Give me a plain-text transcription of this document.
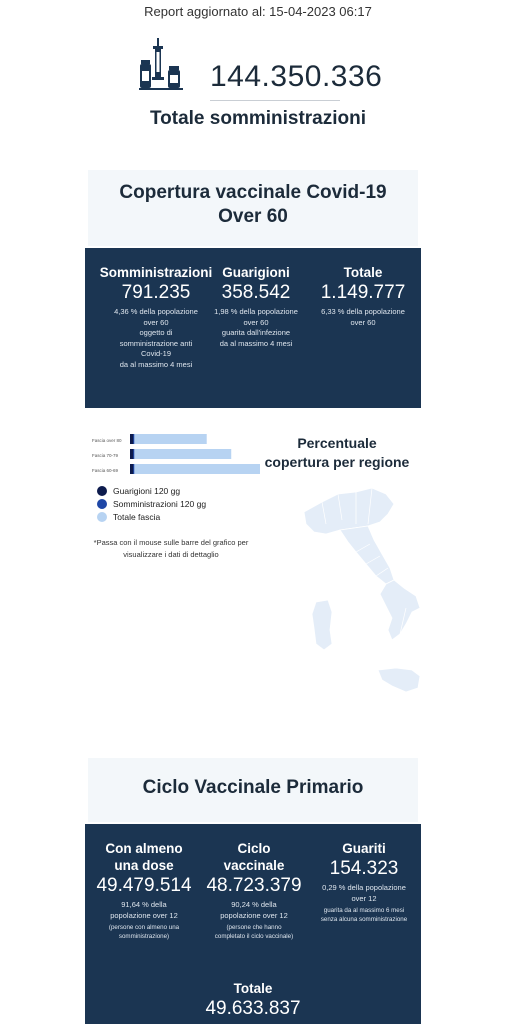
Report aggiornato al: 15-04-2023 06:17
144.350.336
Totale somministrazioni
Copertura vaccinale Covid-19
Over 60
Somministrazioni
791.235
4,36 % della popolazione
over 60
oggetto di
somministrazione anti
Covid-19
da al massimo 4 mesi
Guarigioni
358.542
1,98 % della popolazione
over 60
guarita dall'infezione
da al massimo 4 mesi
Totale
1.149.777
6,33 % della popolazione
over 60
Fascia over 80
Fascia 70-79
Fascia 60-69
Guarigioni 120 gg
Somministrazioni 120 gg
Totale fascia
*Passa con il mouse sulle barre del grafico per
visualizzare i dati di dettaglio
Percentuale
copertura per regione
Ciclo Vaccinale Primario
Con almeno
una dose
49.479.514
91,64 % della
popolazione over 12
(persone con almeno una
somministrazione)
Ciclo
vaccinale
48.723.379
90,24 % della
popolazione over 12
(persone che hanno
completato il ciclo vaccinale)
Guariti
154.323
0,29 % della popolazione
over 12
guarita da al massimo 6 mesi
senza alcuna somministrazione
Totale
49.633.837
